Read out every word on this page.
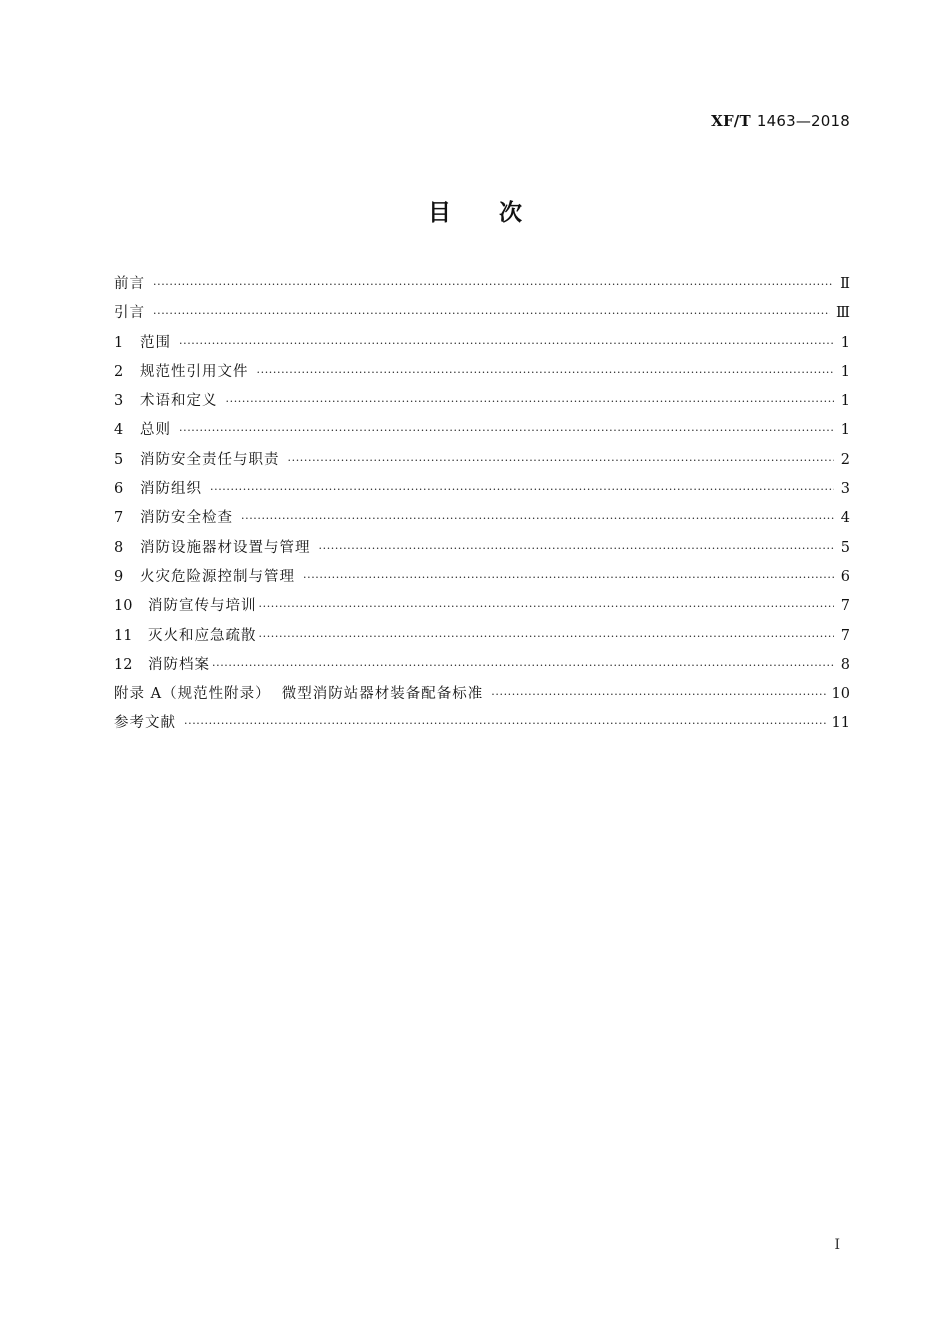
XF/T 1463—2018
目 次
前言 ·····	Ⅱ
引言 ·····	Ⅲ
1	范围 ·····	1
2	规范性引用文件 ·····	1
3	术语和定义 ·····	1
4	总则 ·····	1
5	消防安全责任与职责 ·····	2
6	消防组织 ·····	3
7	消防安全检查 ·····	4
8	消防设施器材设置与管理 ·····	5
9	火灾危险源控制与管理 ·····	6
10	消防宣传与培训 ·····	7
11	灭火和应急疏散 ·····	7
12	消防档案 ·····	8
附录 A（规范性附录）  微型消防站器材装备配备标准 ·····	10
参考文献 ·····	11
I
